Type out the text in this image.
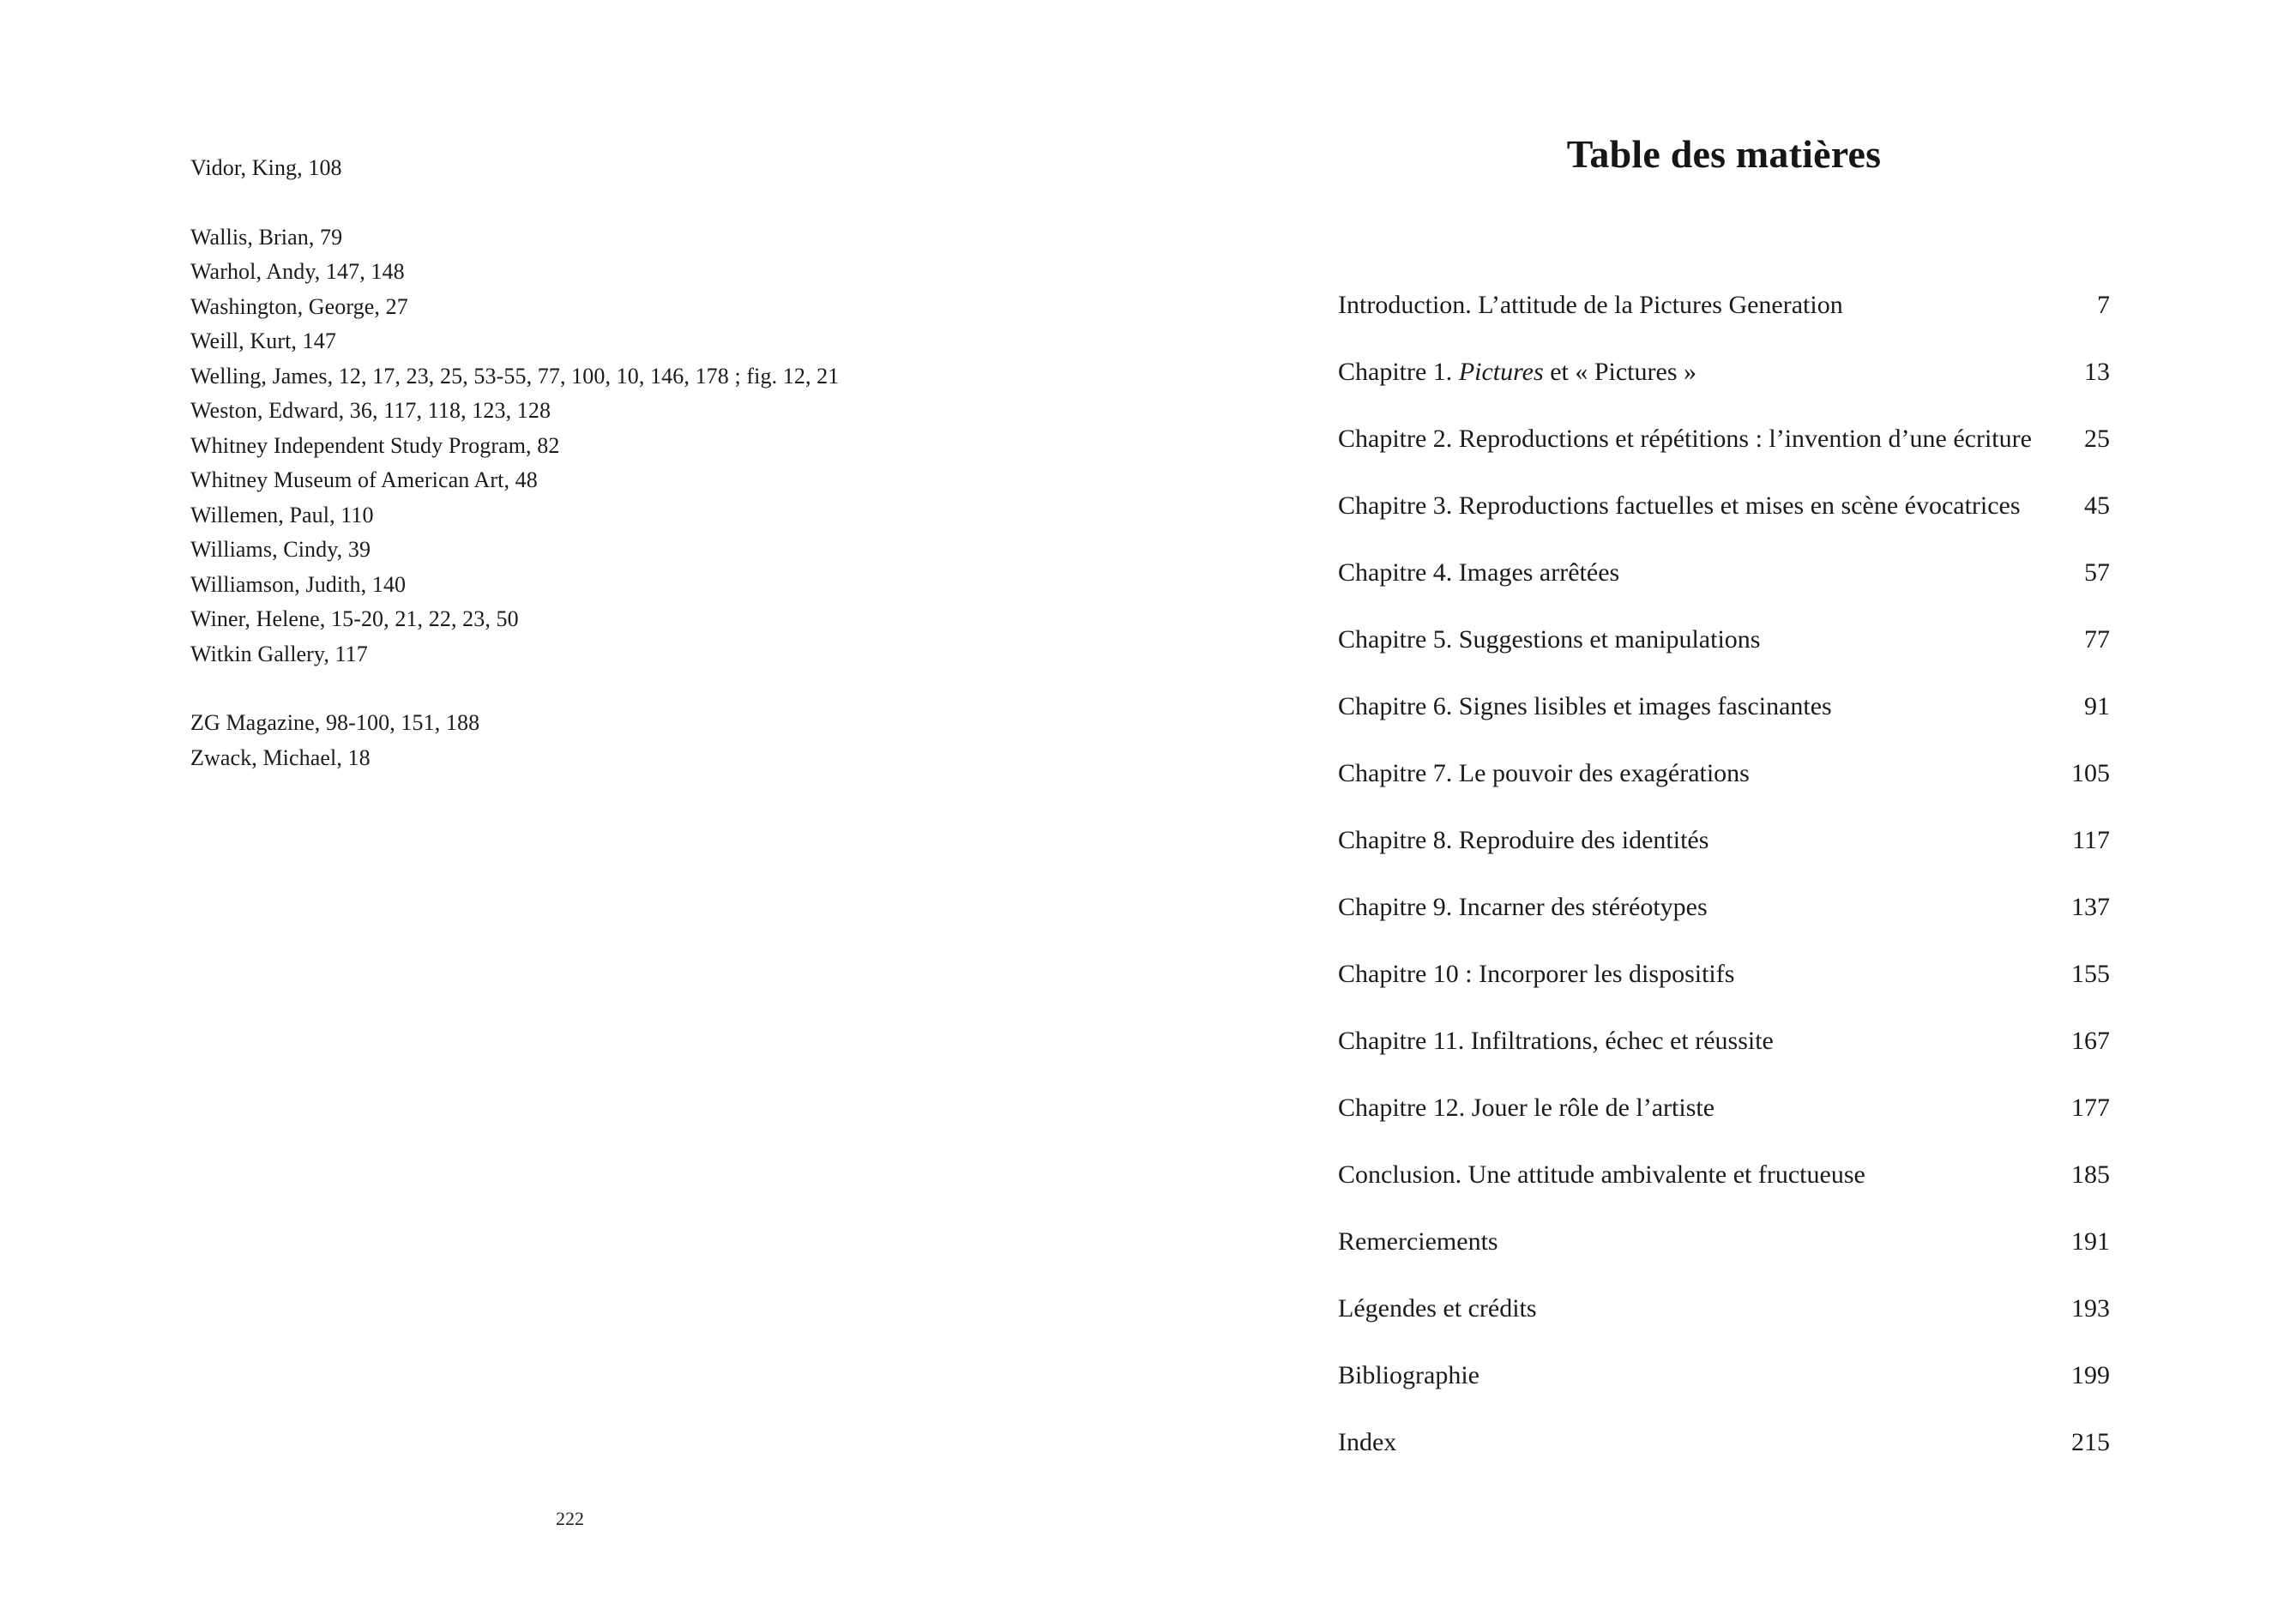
Vidor, King, 108
Wallis, Brian, 79
Warhol, Andy, 147, 148
Washington, George, 27
Weill, Kurt, 147
Welling, James, 12, 17, 23, 25, 53-55, 77, 100, 10, 146, 178 ; fig. 12, 21
Weston, Edward, 36, 117, 118, 123, 128
Whitney Independent Study Program, 82
Whitney Museum of American Art, 48
Willemen, Paul, 110
Williams, Cindy, 39
Williamson, Judith, 140
Winer, Helene, 15-20, 21, 22, 23, 50
Witkin Gallery, 117
ZG Magazine, 98-100, 151, 188
Zwack, Michael, 18
222
Table des matières
Introduction. L’attitude de la Pictures Generation	7
Chapitre 1. Pictures et « Pictures »	13
Chapitre 2. Reproductions et répétitions : l’invention d’une écriture	25
Chapitre 3. Reproductions factuelles et mises en scène évocatrices	45
Chapitre 4. Images arrêtées	57
Chapitre 5. Suggestions et manipulations	77
Chapitre 6. Signes lisibles et images fascinantes	91
Chapitre 7. Le pouvoir des exagérations	105
Chapitre 8. Reproduire des identités	117
Chapitre 9. Incarner des stéréotypes	137
Chapitre 10 : Incorporer les dispositifs	155
Chapitre 11. Infiltrations, échec et réussite	167
Chapitre 12. Jouer le rôle de l’artiste	177
Conclusion. Une attitude ambivalente et fructueuse	185
Remerciements	191
Légendes et crédits	193
Bibliographie	199
Index	215
